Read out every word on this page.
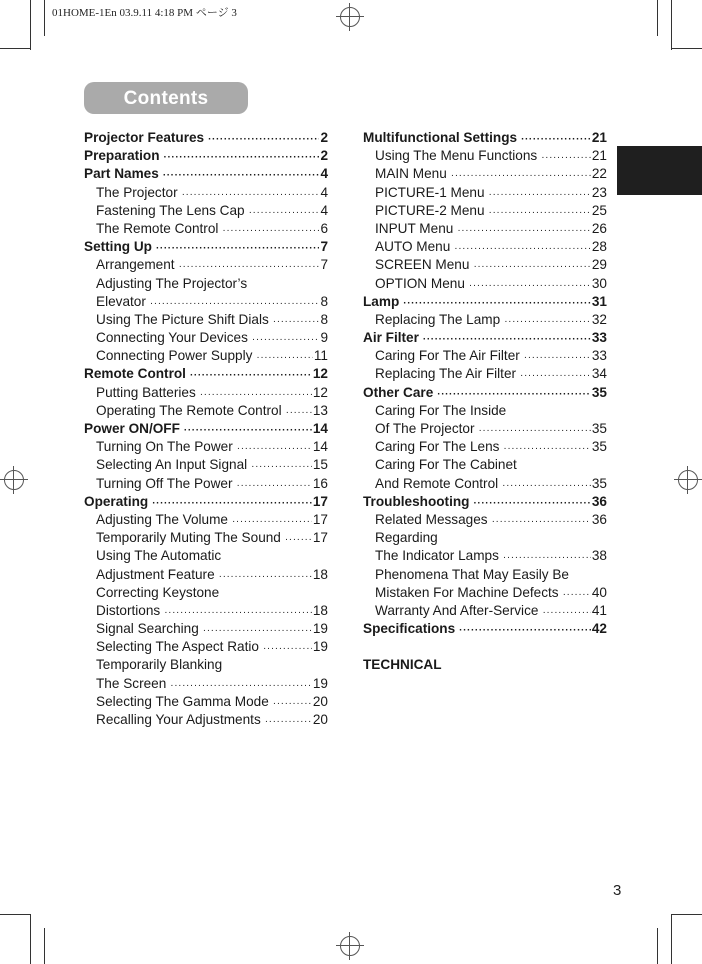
01HOME-1En 03.9.11 4:18 PM ページ 3
Contents
Projector Features ·····	2
Preparation ·····	2
Part Names ·····	4
The Projector ·····	4
Fastening The Lens Cap ·····	4
The Remote Control ·····	6
Setting Up ·····	7
Arrangement ·····	7
Adjusting The Projector’s
Elevator ·····	8
Using The Picture Shift Dials ·····	8
Connecting Your Devices ·····	9
Connecting Power Supply ·····	11
Remote Control ·····	12
Putting Batteries ·····	12
Operating The Remote Control ····· 13
Power ON/OFF ·····	14
Turning On The Power ·····	14
Selecting An Input Signal ·····	15
Turning Off The Power ·····	16
Operating ·····	17
Adjusting The Volume ·····	17
Temporarily Muting The Sound ····· 17
Using The Automatic
Adjustment Feature ·····	18
Correcting Keystone
Distortions ·····	18
Signal Searching ·····	19
Selecting The Aspect Ratio ·····	19
Temporarily Blanking
The Screen ·····	19
Selecting The Gamma Mode ·····	20
Recalling Your Adjustments ·····	20
Multifunctional Settings ·····	21
Using The Menu Functions ·····	21
MAIN Menu ·····	22
PICTURE-1 Menu ·····	23
PICTURE-2 Menu ·····	25
INPUT Menu ·····	26
AUTO Menu ·····	28
SCREEN Menu ·····	29
OPTION Menu ·····	30
Lamp ·····	31
Replacing The Lamp ·····	32
Air Filter ·····	33
Caring For The Air Filter ·····	33
Replacing The Air Filter ·····	34
Other Care ·····	35
Caring For The Inside
Of The Projector ·····	35
Caring For The Lens ·····	35
Caring For The Cabinet
And Remote Control ·····	35
Troubleshooting ·····	36
Related Messages ·····	36
Regarding
The Indicator Lamps ·····	38
Phenomena That May Easily Be
Mistaken For Machine Defects ····· 40
Warranty And After-Service ·····	41
Specifications ·····	42
TECHNICAL
3
